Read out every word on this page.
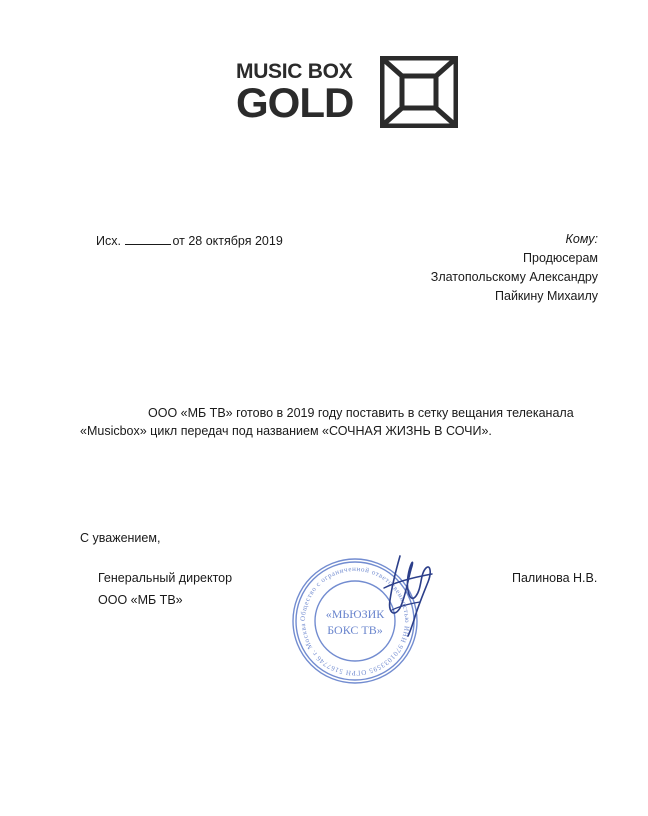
MUSIC BOX
GOLD
Исх.	от 28 октября 2019	Кому:
Продюсерам
Златопольскому Александру
Пайкину Михаилу
ООО «МБ ТВ» готово в 2019 году поставить в сетку вещания телеканала
«Musicbox» цикл передач под названием «СОЧНАЯ ЖИЗНЬ В СОЧИ».
С уважением,
Генеральный директор
ООО «МБ ТВ»
Палинова Н.В.
Общество с ограниченной ответственностью ИНН 9701033595 ОГРН 5167746 г. Москва
«МЬЮЗИК
БОКС ТВ»
